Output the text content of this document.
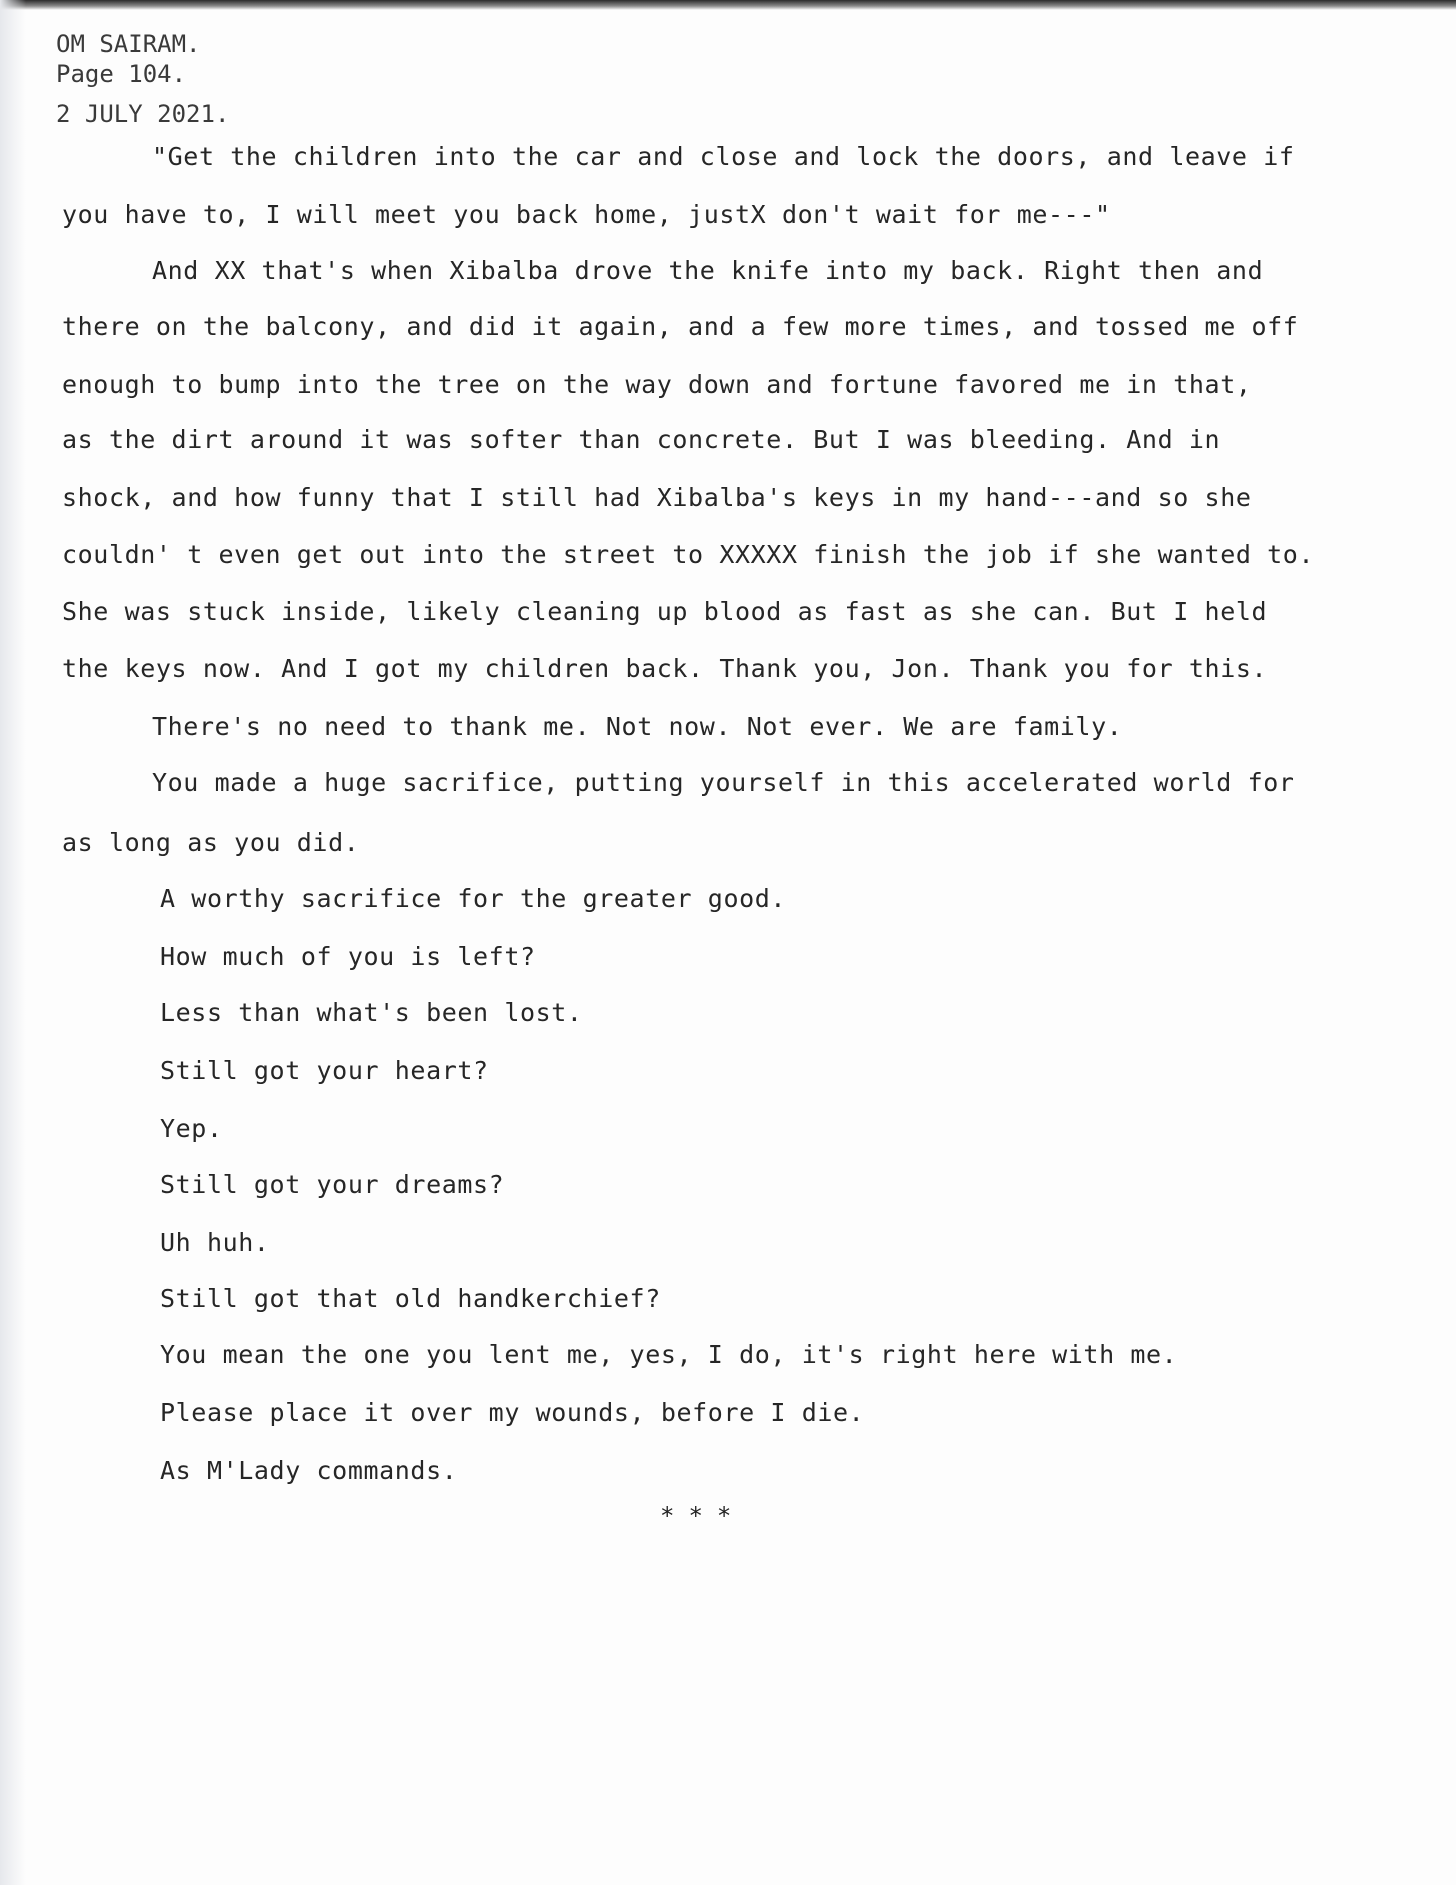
OM SAIRAM.
Page 104.
2 JULY 2021.
"Get the children into the car and close and lock the doors, and leave if
you have to, I will meet you back home, justX don't wait for me---"
And XX that's when Xibalba drove the knife into my back. Right then and
there on the balcony, and did it again, and a few more times, and tossed me off
enough to bump into the tree on the way down and fortune favored me in that,
as the dirt around it was softer than concrete. But I was bleeding. And in
shock, and how funny that I still had Xibalba's keys in my hand---and so she
couldn' t even get out into the street to XXXXX finish the job if she wanted to.
She was stuck inside, likely cleaning up blood as fast as she can. But I held
the keys now. And I got my children back. Thank you, Jon. Thank you for this.
There's no need to thank me. Not now. Not ever. We are family.
You made a huge sacrifice, putting yourself in this accelerated world for
as long as you did.
A worthy sacrifice for the greater good.
How much of you is left?
Less than what's been lost.
Still got your heart?
Yep.
Still got your dreams?
Uh huh.
Still got that old handkerchief?
You mean the one you lent me, yes, I do, it's right here with me.
Please place it over my wounds, before I die.
As M'Lady commands.
***
